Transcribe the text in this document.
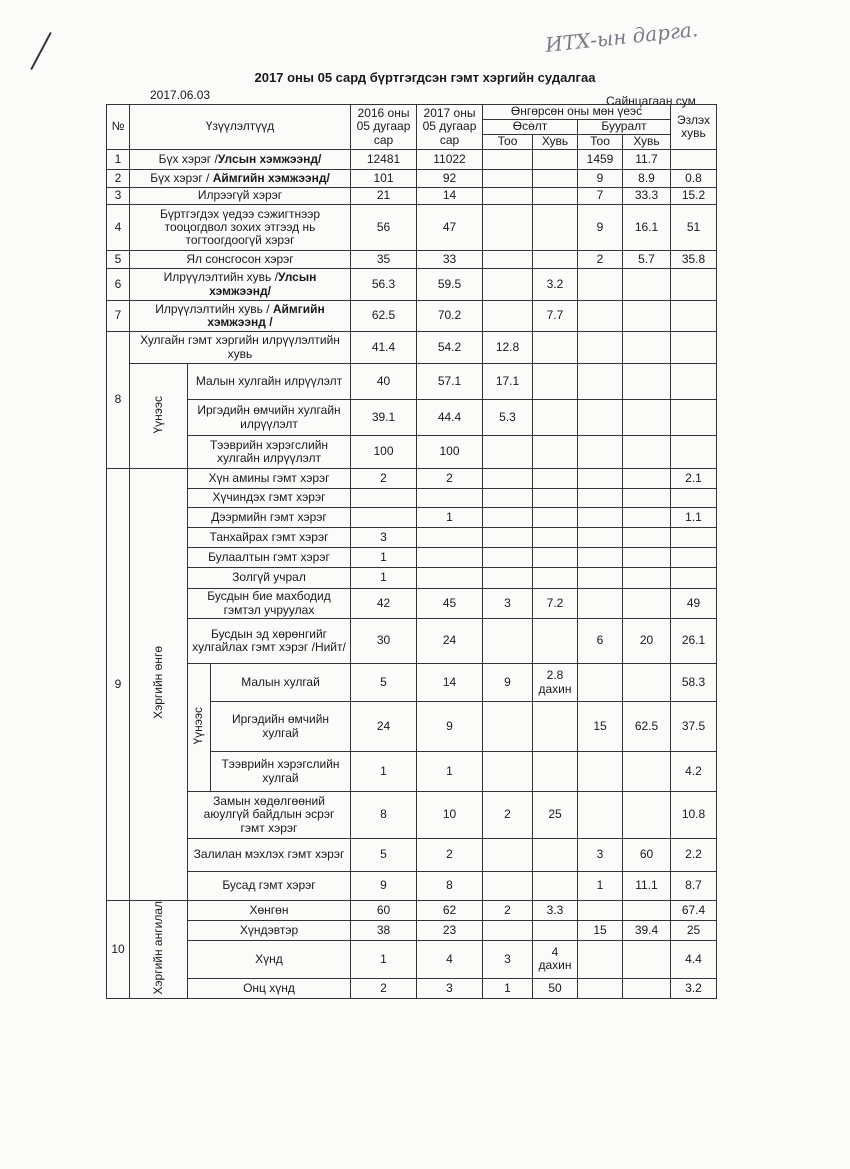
ИТХ-ын дарга.
2017 оны 05 сард бүртгэгдсэн гэмт хэргийн судалгаа
2017.06.03	Сайнцагаан сум
№	Үзүүлэлтүүд			2016 оны 05 дугаар сар	2017 оны 05 дугаар сар	Өнгөрсөн оны мөн үеэс				Эзлэх хувь
						Өсөлт		Бууралт		
						Тоо	Хувь	Тоо	Хувь	
1	Бүх хэрэг /Улсын хэмжээнд/			12481	11022			1459	11.7	
2	Бүх хэрэг / Аймгийн хэмжээнд/			101	92			9	8.9	0.8
3	Илрээгүй хэрэг			21	14			7	33.3	15.2
4	Бүртгэгдэх үедээ сэжигтнээр тооцогдвол зохих этгээд нь тогтоогдоогүй хэрэг			56	47			9	16.1	51
5	Ял сонсгосон хэрэг			35	33			2	5.7	35.8
6	Илрүүлэлтийн хувь /Улсын хэмжээнд/			56.3	59.5		3.2			
7	Илрүүлэлтийн хувь / Аймгийн хэмжээнд /			62.5	70.2		7.7			
8	Хулгайн гэмт хэргийн илрүүлэлтийн хувь			41.4	54.2	12.8				
	Үүнээс	Малын хулгайн илрүүлэлт		40	57.1	17.1				
		Иргэдийн өмчийн хулгайн илрүүлэлт		39.1	44.4	5.3				
		Тээврийн хэрэгслийн хулгайн илрүүлэлт		100	100					
9	Хэргийн өнгө	Хүн амины гэмт хэрэг		2	2					2.1
		Хүчиндэх гэмт хэрэг								
		Дээрмийн гэмт хэрэг			1					1.1
		Танхайрах гэмт хэрэг		3						
		Булаалтын гэмт хэрэг		1						
		Золгүй учрал		1						
		Бусдын бие махбодид гэмтэл учруулах		42	45	3	7.2			49
		Бусдын эд хөрөнгийг хулгайлах гэмт хэрэг /Нийт/		30	24			6	20	26.1
		Үүнээс	Малын хулгай	5	14	9	2.8 дахин			58.3
			Иргэдийн өмчийн хулгай	24	9			15	62.5	37.5
			Тээврийн хэрэгслийн хулгай	1	1					4.2
		Замын хөдөлгөөний аюулгүй байдлын эсрэг гэмт хэрэг		8	10	2	25			10.8
		Залилан мэхлэх гэмт хэрэг		5	2			3	60	2.2
		Бусад гэмт хэрэг		9	8			1	11.1	8.7
10	Хэргийн ангилал	Хөнгөн		60	62	2	3.3			67.4
		Хүндэвтэр		38	23			15	39.4	25
		Хүнд		1	4	3	4 дахин			4.4
		Онц хүнд		2	3	1	50			3.2
